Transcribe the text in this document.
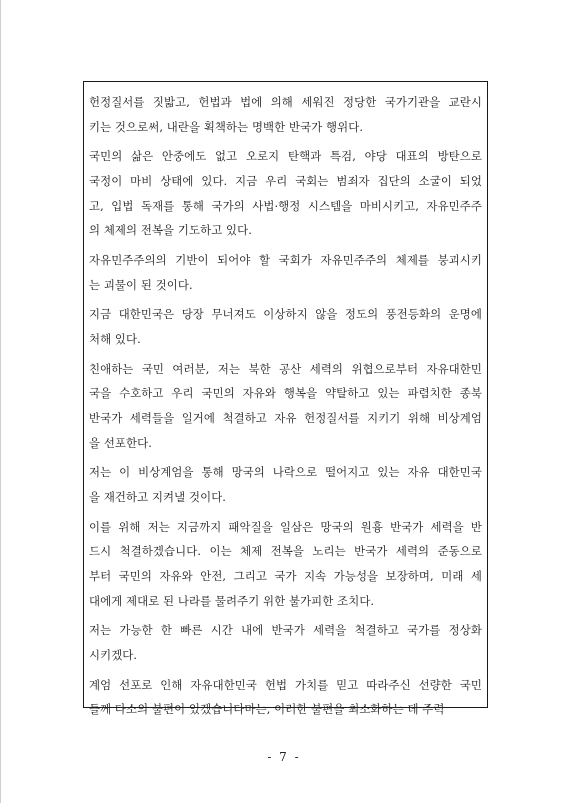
헌정질서를 짓밟고, 헌법과 법에 의해 세워진 정당한 국가기관을 교란시
키는 것으로써, 내란을 획책하는 명백한 반국가 행위다.
국민의 삶은 안중에도 없고 오로지 탄핵과 특검, 야당 대표의 방탄으로
국정이 마비 상태에 있다. 지금 우리 국회는 범죄자 집단의 소굴이 되었
고, 입법 독재를 통해 국가의 사법·행정 시스템을 마비시키고, 자유민주주
의 체제의 전복을 기도하고 있다.
자유민주주의의 기반이 되어야 할 국회가 자유민주주의 체제를 붕괴시키
는 괴물이 된 것이다.
지금 대한민국은 당장 무너져도 이상하지 않을 정도의 풍전등화의 운명에
처해 있다.
친애하는 국민 여러분, 저는 북한 공산 세력의 위협으로부터 자유대한민
국을 수호하고 우리 국민의 자유와 행복을 약탈하고 있는 파렴치한 종북
반국가 세력들을 일거에 척결하고 자유 헌정질서를 지키기 위해 비상계엄
을 선포한다.
저는 이 비상계엄을 통해 망국의 나락으로 떨어지고 있는 자유 대한민국
을 재건하고 지켜낼 것이다.
이를 위해 저는 지금까지 패악질을 일삼은 망국의 원흉 반국가 세력을 반
드시 척결하겠습니다. 이는 체제 전복을 노리는 반국가 세력의 준동으로
부터 국민의 자유와 안전, 그리고 국가 지속 가능성을 보장하며, 미래 세
대에게 제대로 된 나라를 물려주기 위한 불가피한 조치다.
저는 가능한 한 빠른 시간 내에 반국가 세력을 척결하고 국가를 정상화
시키겠다.
계엄 선포로 인해 자유대한민국 헌법 가치를 믿고 따라주신 선량한 국민
들께 다소의 불편이 있겠습니다마는, 이러한 불편을 최소화하는 데 주력
- 7 -
